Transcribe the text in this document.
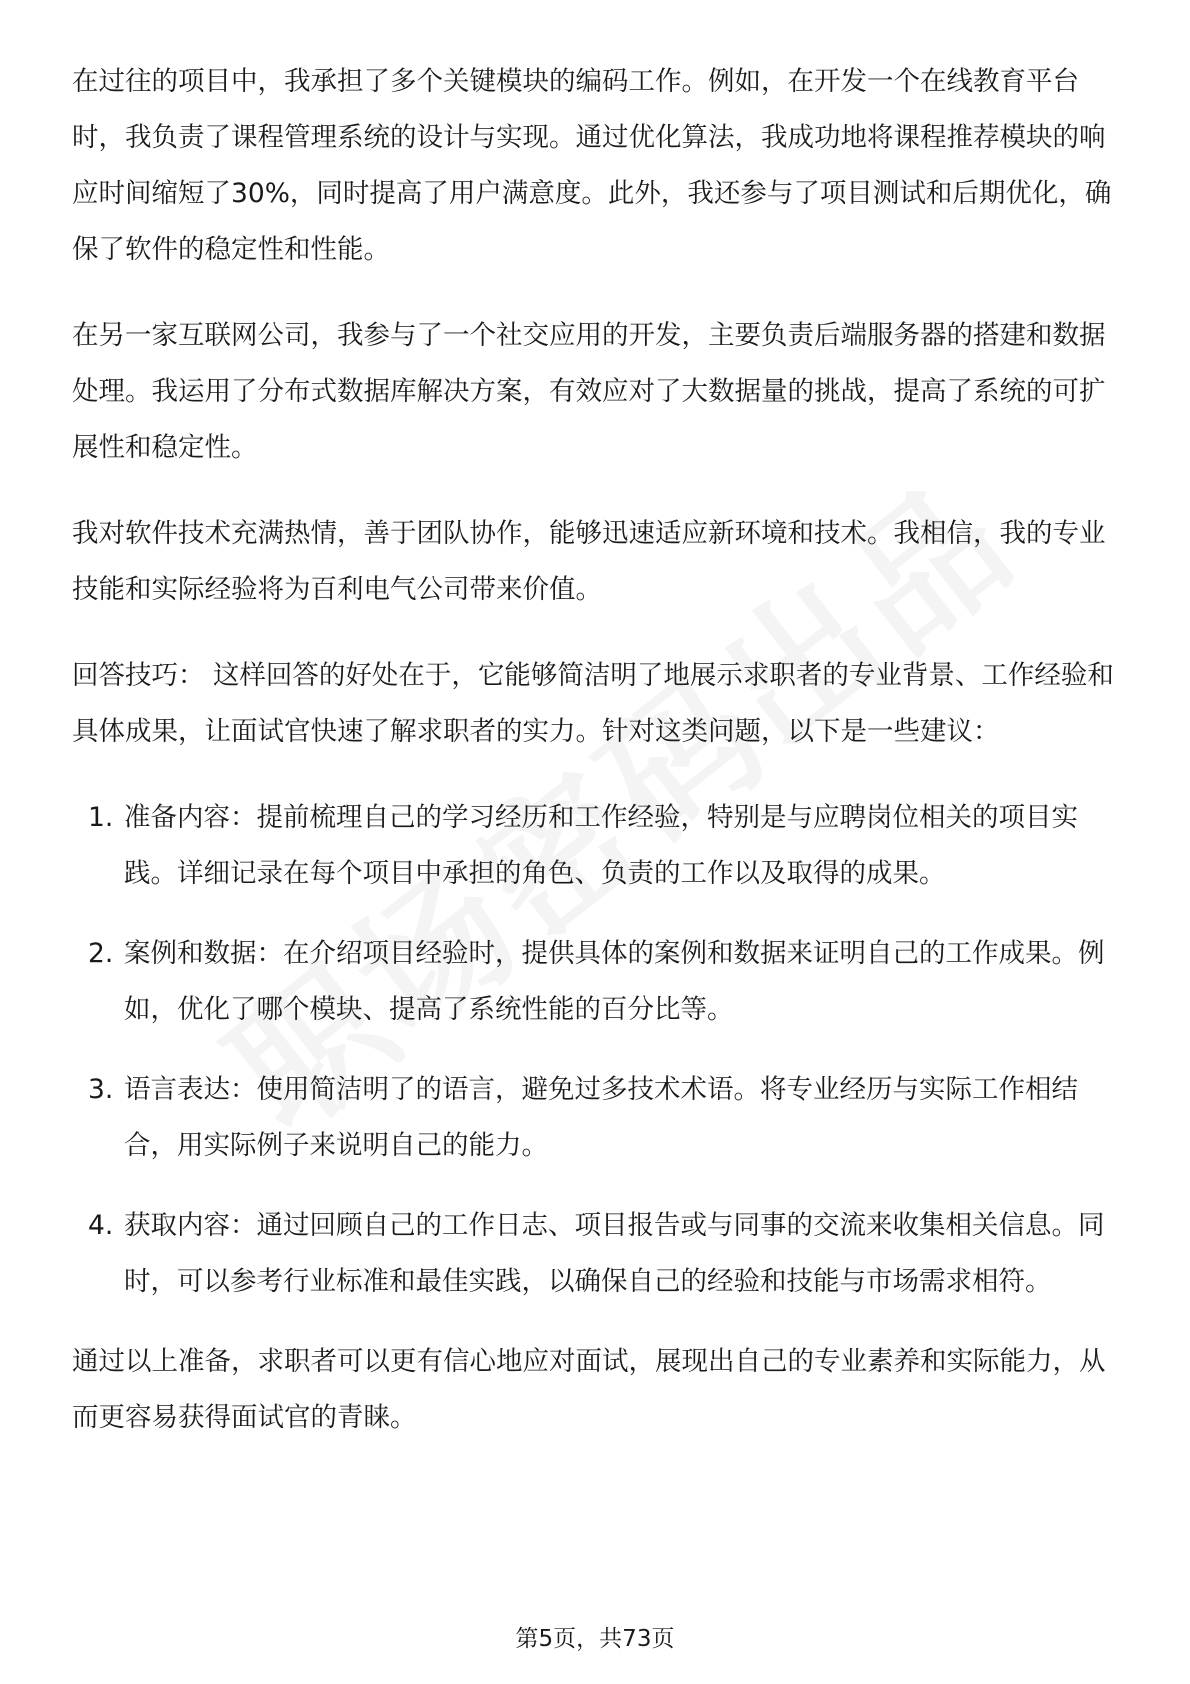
在过往的项目中，我承担了多个关键模块的编码工作。例如，在开发一个在线教育平台时，我负责了课程管理系统的设计与实现。通过优化算法，我成功地将课程推荐模块的响应时间缩短了30%，同时提高了用户满意度。此外，我还参与了项目测试和后期优化，确保了软件的稳定性和性能。

在另一家互联网公司，我参与了一个社交应用的开发，主要负责后端服务器的搭建和数据处理。我运用了分布式数据库解决方案，有效应对了大数据量的挑战，提高了系统的可扩展性和稳定性。

我对软件技术充满热情，善于团队协作，能够迅速适应新环境和技术。我相信，我的专业技能和实际经验将为百利电气公司带来价值。

回答技巧： 这样回答的好处在于，它能够简洁明了地展示求职者的专业背景、工作经验和具体成果，让面试官快速了解求职者的实力。针对这类问题，以下是一些建议：

1. 准备内容：提前梳理自己的学习经历和工作经验，特别是与应聘岗位相关的项目实践。详细记录在每个项目中承担的角色、负责的工作以及取得的成果。
2. 案例和数据：在介绍项目经验时，提供具体的案例和数据来证明自己的工作成果。例如，优化了哪个模块、提高了系统性能的百分比等。
3. 语言表达：使用简洁明了的语言，避免过多技术术语。将专业经历与实际工作相结合，用实际例子来说明自己的能力。
4. 获取内容：通过回顾自己的工作日志、项目报告或与同事的交流来收集相关信息。同时，可以参考行业标准和最佳实践，以确保自己的经验和技能与市场需求相符。

通过以上准备，求职者可以更有信心地应对面试，展现出自己的专业素养和实际能力，从而更容易获得面试官的青睐。

第5页，共73页
